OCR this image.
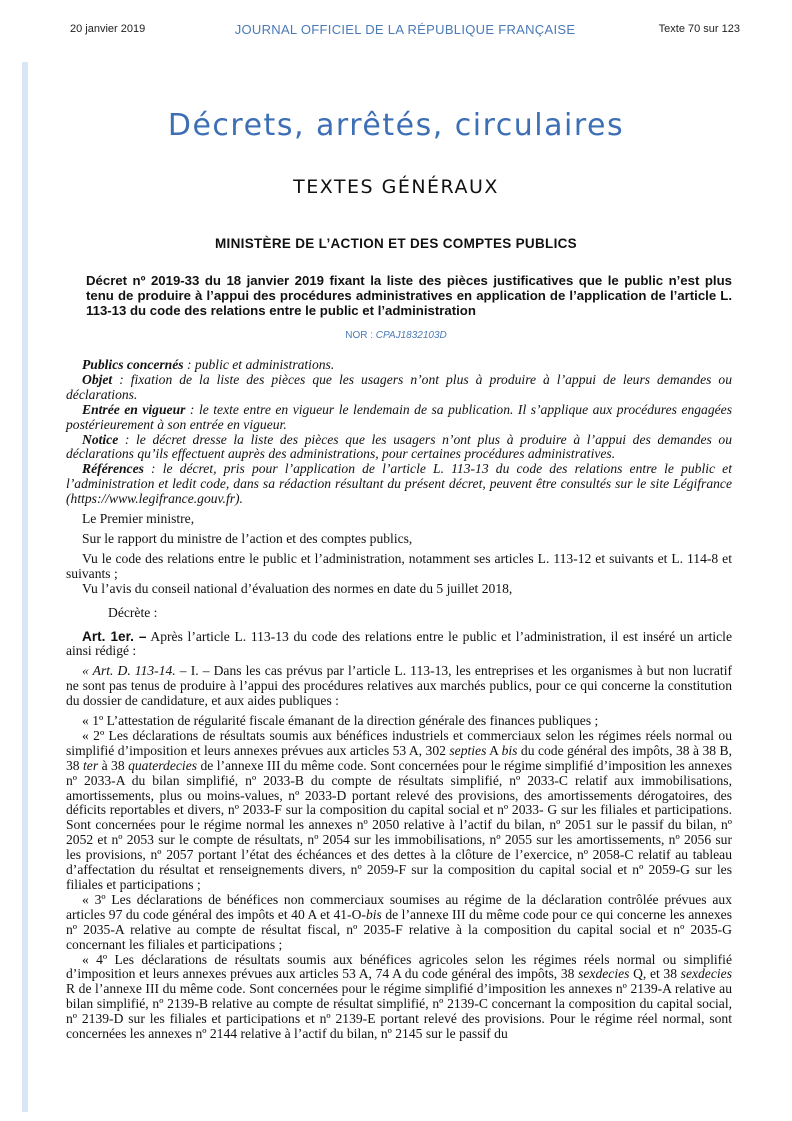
20 janvier 2019	JOURNAL OFFICIEL DE LA RÉPUBLIQUE FRANÇAISE	Texte 70 sur 123
Décrets, arrêtés, circulaires
TEXTES GÉNÉRAUX
MINISTÈRE DE L’ACTION ET DES COMPTES PUBLICS
Décret nº 2019-33 du 18 janvier 2019 fixant la liste des pièces justificatives que le public n’est plus tenu de produire à l’appui des procédures administratives en application de l’application de l’article L. 113-13 du code des relations entre le public et l’administration
NOR : CPAJ1832103D

Publics concernés : public et administrations.

Objet : fixation de la liste des pièces que les usagers n’ont plus à produire à l’appui de leurs demandes ou déclarations.

Entrée en vigueur : le texte entre en vigueur le lendemain de sa publication. Il s’applique aux procédures engagées postérieurement à son entrée en vigueur.

Notice : le décret dresse la liste des pièces que les usagers n’ont plus à produire à l’appui des demandes ou déclarations qu’ils effectuent auprès des administrations, pour certaines procédures administratives.

Références : le décret, pris pour l’application de l’article L. 113-13 du code des relations entre le public et l’administration et ledit code, dans sa rédaction résultant du présent décret, peuvent être consultés sur le site Légifrance (https://www.legifrance.gouv.fr).

Le Premier ministre,

Sur le rapport du ministre de l’action et des comptes publics,

Vu le code des relations entre le public et l’administration, notamment ses articles L. 113-12 et suivants et L. 114-8 et suivants ;

Vu l’avis du conseil national d’évaluation des normes en date du 5 juillet 2018,

Décrète :

Art. 1er. – Après l’article L. 113-13 du code des relations entre le public et l’administration, il est inséré un article ainsi rédigé :

« Art. D. 113-14. – I. – Dans les cas prévus par l’article L. 113-13, les entreprises et les organismes à but non lucratif ne sont pas tenus de produire à l’appui des procédures relatives aux marchés publics, pour ce qui concerne la constitution du dossier de candidature, et aux aides publiques :

« 1º L’attestation de régularité fiscale émanant de la direction générale des finances publiques ;

« 2º Les déclarations de résultats soumis aux bénéfices industriels et commerciaux selon les régimes réels normal ou simplifié d’imposition et leurs annexes prévues aux articles 53 A, 302 septies A bis du code général des impôts, 38 à 38 B, 38 ter à 38 quaterdecies de l’annexe III du même code. Sont concernées pour le régime simplifié d’imposition les annexes nº 2033-A du bilan simplifié, nº 2033-B du compte de résultats simplifié, nº 2033-C relatif aux immobilisations, amortissements, plus ou moins-values, nº 2033-D portant relevé des provisions, des amortissements dérogatoires, des déficits reportables et divers, nº 2033-F sur la composition du capital social et nº 2033- G sur les filiales et participations. Sont concernées pour le régime normal les annexes nº 2050 relative à l’actif du bilan, nº 2051 sur le passif du bilan, nº 2052 et nº 2053 sur le compte de résultats, nº 2054 sur les immobilisations, nº 2055 sur les amortissements, nº 2056 sur les provisions, nº 2057 portant l’état des échéances et des dettes à la clôture de l’exercice, nº 2058-C relatif au tableau d’affectation du résultat et renseignements divers, nº 2059-F sur la composition du capital social et nº 2059-G sur les filiales et participations ;

« 3º Les déclarations de bénéfices non commerciaux soumises au régime de la déclaration contrôlée prévues aux articles 97 du code général des impôts et 40 A et 41-O-bis de l’annexe III du même code pour ce qui concerne les annexes nº 2035-A relative au compte de résultat fiscal, nº 2035-F relative à la composition du capital social et nº 2035-G concernant les filiales et participations ;

« 4º Les déclarations de résultats soumis aux bénéfices agricoles selon les régimes réels normal ou simplifié d’imposition et leurs annexes prévues aux articles 53 A, 74 A du code général des impôts, 38 sexdecies Q, et 38 sexdecies R de l’annexe III du même code. Sont concernées pour le régime simplifié d’imposition les annexes nº 2139-A relative au bilan simplifié, nº 2139-B relative au compte de résultat simplifié, nº 2139-C concernant la composition du capital social, nº 2139-D sur les filiales et participations et nº 2139-E portant relevé des provisions. Pour le régime réel normal, sont concernées les annexes nº 2144 relative à l’actif du bilan, nº 2145 sur le passif du
